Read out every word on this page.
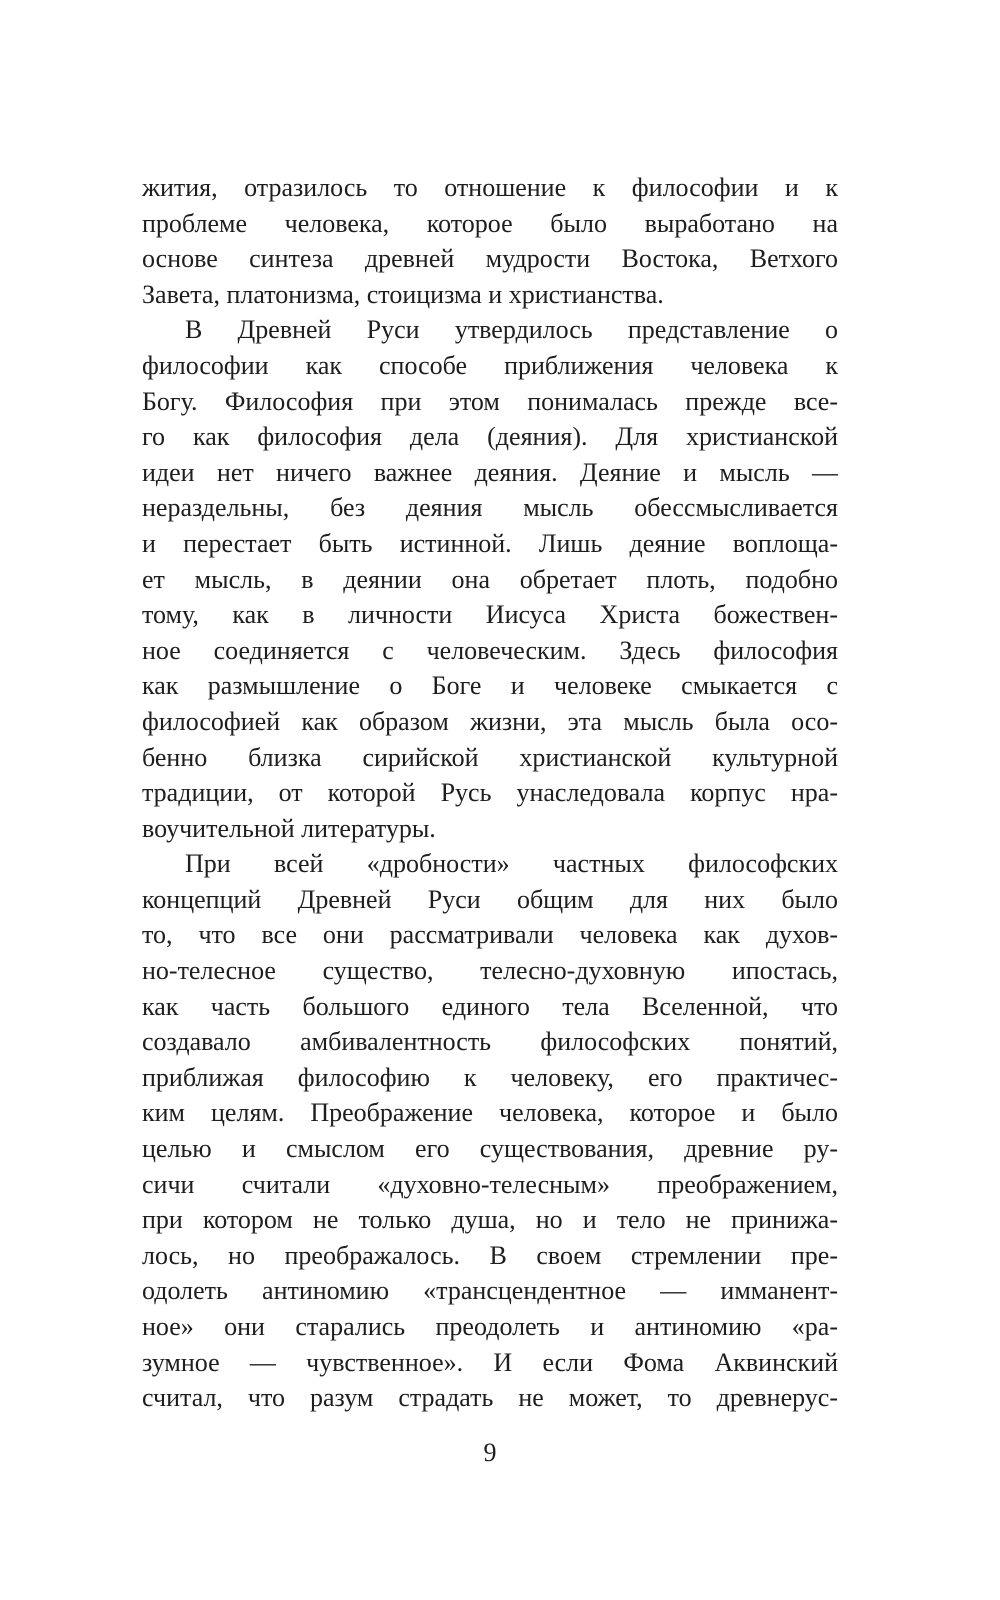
жития, отразилось то отношение к философии и к
проблеме человека, которое было выработано на
основе синтеза древней мудрости Востока, Ветхого
Завета, платонизма, стоицизма и христианства.
В Древней Руси утвердилось представление о
философии как способе приближения человека к
Богу. Философия при этом понималась прежде все-
го как философия дела (деяния). Для христианской
идеи нет ничего важнее деяния. Деяние и мысль —
нераздельны, без деяния мысль обессмысливается
и перестает быть истинной. Лишь деяние воплоща-
ет мысль, в деянии она обретает плоть, подобно
тому, как в личности Иисуса Христа божествен-
ное соединяется с человеческим. Здесь философия
как размышление о Боге и человеке смыкается с
философией как образом жизни, эта мысль была осо-
бенно близка сирийской христианской культурной
традиции, от которой Русь унаследовала корпус нра-
воучительной литературы.
При всей «дробности» частных философских
концепций Древней Руси общим для них было
то, что все они рассматривали человека как духов-
но-телесное существо, телесно-духовную ипостась,
как часть большого единого тела Вселенной, что
создавало амбивалентность философских понятий,
приближая философию к человеку, его практичес-
ким целям. Преображение человека, которое и было
целью и смыслом его существования, древние ру-
сичи считали «духовно-телесным» преображением,
при котором не только душа, но и тело не принижа-
лось, но преображалось. В своем стремлении пре-
одолеть антиномию «трансцендентное — имманент-
ное» они старались преодолеть и антиномию «ра-
зумное — чувственное». И если Фома Аквинский
считал, что разум страдать не может, то древнерус-
9
